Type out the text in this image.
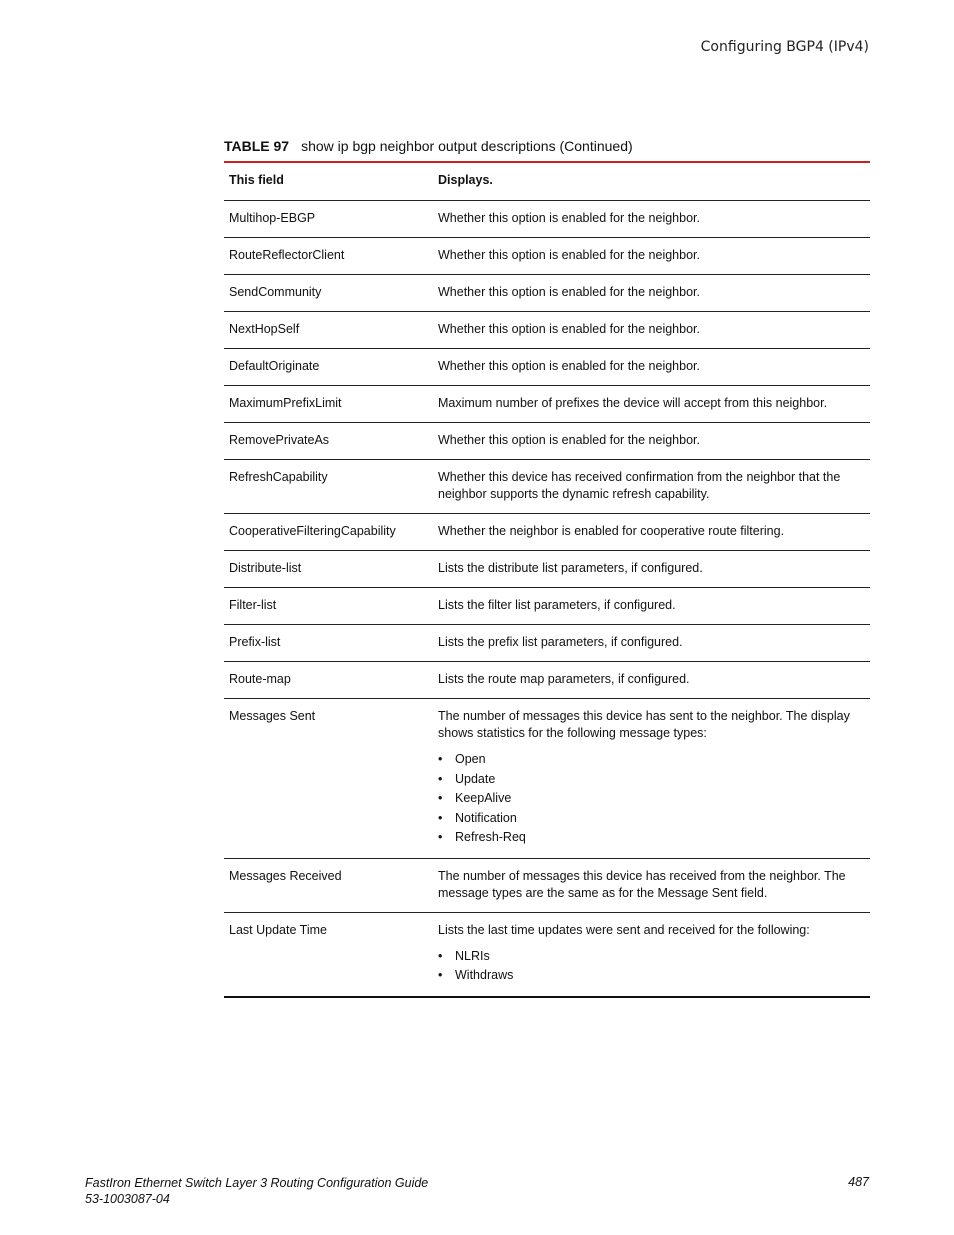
Configuring BGP4 (IPv4)
TABLE 97 show ip bgp neighbor output descriptions (Continued)
This field	Displays.
Multihop-EBGP	Whether this option is enabled for the neighbor.
RouteReflectorClient	Whether this option is enabled for the neighbor.
SendCommunity	Whether this option is enabled for the neighbor.
NextHopSelf	Whether this option is enabled for the neighbor.
DefaultOriginate	Whether this option is enabled for the neighbor.
MaximumPrefixLimit	Maximum number of prefixes the device will accept from this neighbor.
RemovePrivateAs	Whether this option is enabled for the neighbor.
RefreshCapability	Whether this device has received confirmation from the neighbor that the neighbor supports the dynamic refresh capability.
CooperativeFilteringCapability	Whether the neighbor is enabled for cooperative route filtering.
Distribute-list	Lists the distribute list parameters, if configured.
Filter-list	Lists the filter list parameters, if configured.
Prefix-list	Lists the prefix list parameters, if configured.
Route-map	Lists the route map parameters, if configured.
Messages Sent	The number of messages this device has sent to the neighbor. The display shows statistics for the following message types:
• Open
• Update
• KeepAlive
• Notification
• Refresh-Req
Messages Received	The number of messages this device has received from the neighbor. The message types are the same as for the Message Sent field.
Last Update Time	Lists the last time updates were sent and received for the following:
• NLRIs
• Withdraws
FastIron Ethernet Switch Layer 3 Routing Configuration Guide
53-1003087-04
487
